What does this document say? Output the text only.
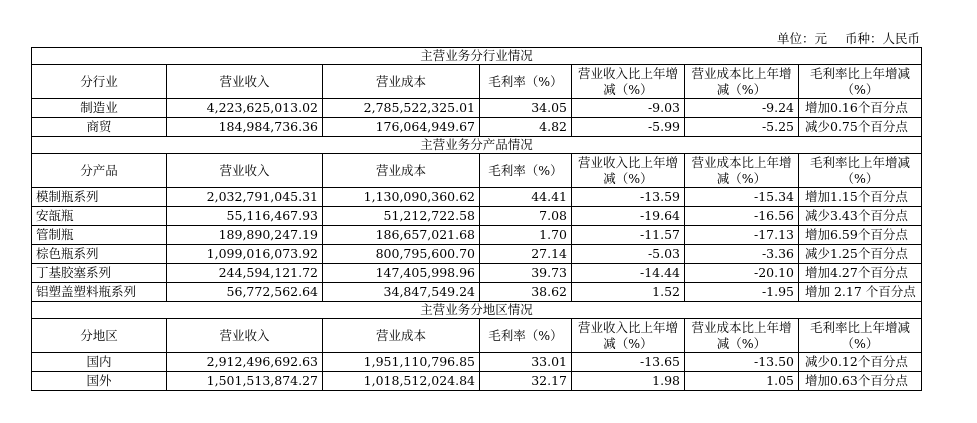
单位：元 币种：人民币
主营业务分行业情况						
分行业	营业收入	营业成本	毛利率（%）	营业收入比上年增减（%）	营业成本比上年增减（%）	毛利率比上年增减（%）
制造业	4,223,625,013.02	2,785,522,325.01	34.05	-9.03	-9.24	增加0.16个百分点
商贸	184,984,736.36	176,064,949.67	4.82	-5.99	-5.25	减少0.75个百分点
主营业务分产品情况						
分产品	营业收入	营业成本	毛利率（%）	营业收入比上年增减（%）	营业成本比上年增减（%）	毛利率比上年增减（%）
模制瓶系列	2,032,791,045.31	1,130,090,360.62	44.41	-13.59	-15.34	增加1.15个百分点
安瓿瓶	55,116,467.93	51,212,722.58	7.08	-19.64	-16.56	减少3.43个百分点
管制瓶	189,890,247.19	186,657,021.68	1.70	-11.57	-17.13	增加6.59个百分点
棕色瓶系列	1,099,016,073.92	800,795,600.70	27.14	-5.03	-3.36	减少1.25个百分点
丁基胶塞系列	244,594,121.72	147,405,998.96	39.73	-14.44	-20.10	增加4.27个百分点
铝塑盖塑料瓶系列	56,772,562.64	34,847,549.24	38.62	1.52	-1.95	增加 2.17 个百分点
主营业务分地区情况						
分地区	营业收入	营业成本	毛利率（%）	营业收入比上年增减（%）	营业成本比上年增减（%）	毛利率比上年增减（%）
国内	2,912,496,692.63	1,951,110,796.85	33.01	-13.65	-13.50	减少0.12个百分点
国外	1,501,513,874.27	1,018,512,024.84	32.17	1.98	1.05	增加0.63个百分点
